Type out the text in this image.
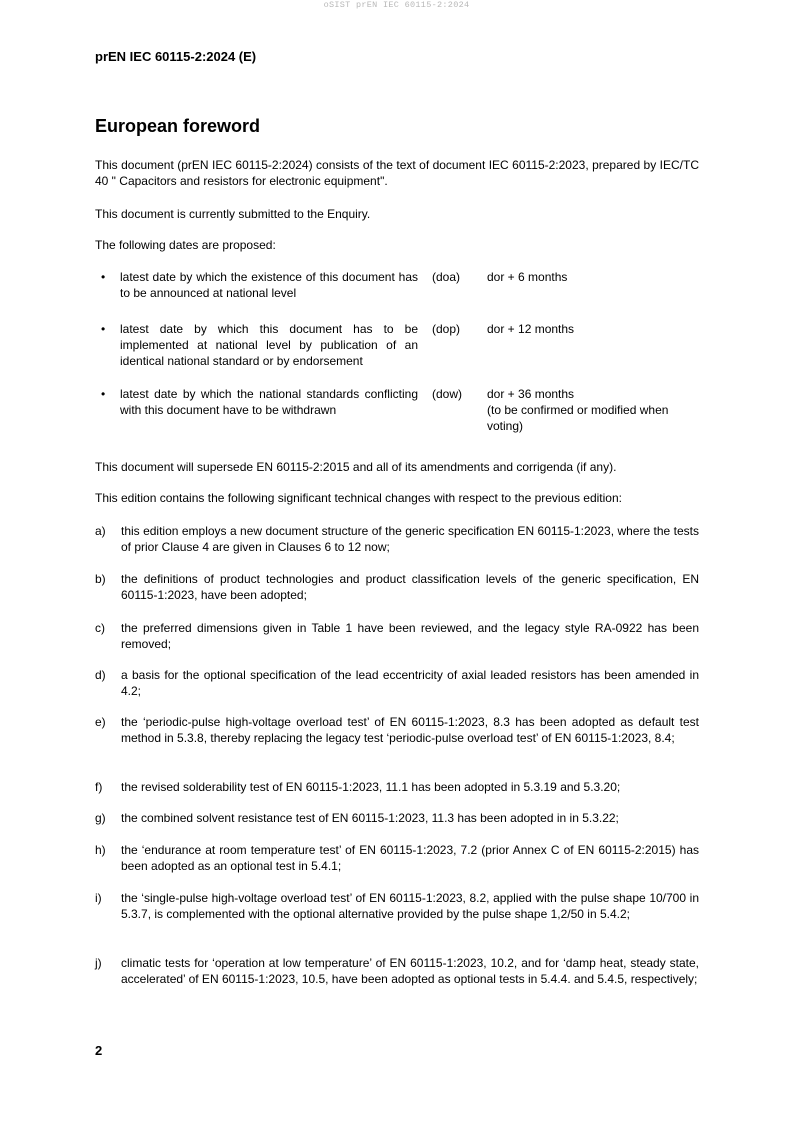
oSIST prEN IEC 60115-2:2024
prEN IEC 60115-2:2024 (E)
European foreword

This document (prEN IEC 60115-2:2024) consists of the text of document IEC 60115-2:2023, prepared by IEC/TC 40 " Capacitors and resistors for electronic equipment".

This document is currently submitted to the Enquiry.

The following dates are proposed:

• latest date by which the existence of this document has to be announced at national level
(doa) dor + 6 months
• latest date by which this document has to be implemented at national level by publication of an identical national standard or by endorsement
(dop) dor + 12 months
• latest date by which the national standards conflicting with this document have to be withdrawn
(dow) dor + 36 months
(to be confirmed or modified when voting)

This document will supersede EN 60115-2:2015 and all of its amendments and corrigenda (if any).

This edition contains the following significant technical changes with respect to the previous edition:

a) this edition employs a new document structure of the generic specification EN 60115-1:2023, where the tests of prior Clause 4 are given in Clauses 6 to 12 now;
b) the definitions of product technologies and product classification levels of the generic specification, EN 60115-1:2023, have been adopted;
c) the preferred dimensions given in Table 1 have been reviewed, and the legacy style RA-0922 has been removed;
d) a basis for the optional specification of the lead eccentricity of axial leaded resistors has been amended in 4.2;
e) the ‘periodic-pulse high-voltage overload test’ of EN 60115-1:2023, 8.3 has been adopted as default test method in 5.3.8, thereby replacing the legacy test ‘periodic-pulse overload test’ of EN 60115-1:2023, 8.4;
f) the revised solderability test of EN 60115-1:2023, 11.1 has been adopted in 5.3.19 and 5.3.20;
g) the combined solvent resistance test of EN 60115-1:2023, 11.3 has been adopted in in 5.3.22;
h) the ‘endurance at room temperature test’ of EN 60115-1:2023, 7.2 (prior Annex C of EN 60115-2:2015) has been adopted as an optional test in 5.4.1;
i) the ‘single-pulse high-voltage overload test’ of EN 60115-1:2023, 8.2, applied with the pulse shape 10/700 in 5.3.7, is complemented with the optional alternative provided by the pulse shape 1,2/50 in 5.4.2;
j) climatic tests for ‘operation at low temperature’ of EN 60115-1:2023, 10.2, and for ‘damp heat, steady state, accelerated’ of EN 60115-1:2023, 10.5, have been adopted as optional tests in 5.4.4. and 5.4.5, respectively;
2
